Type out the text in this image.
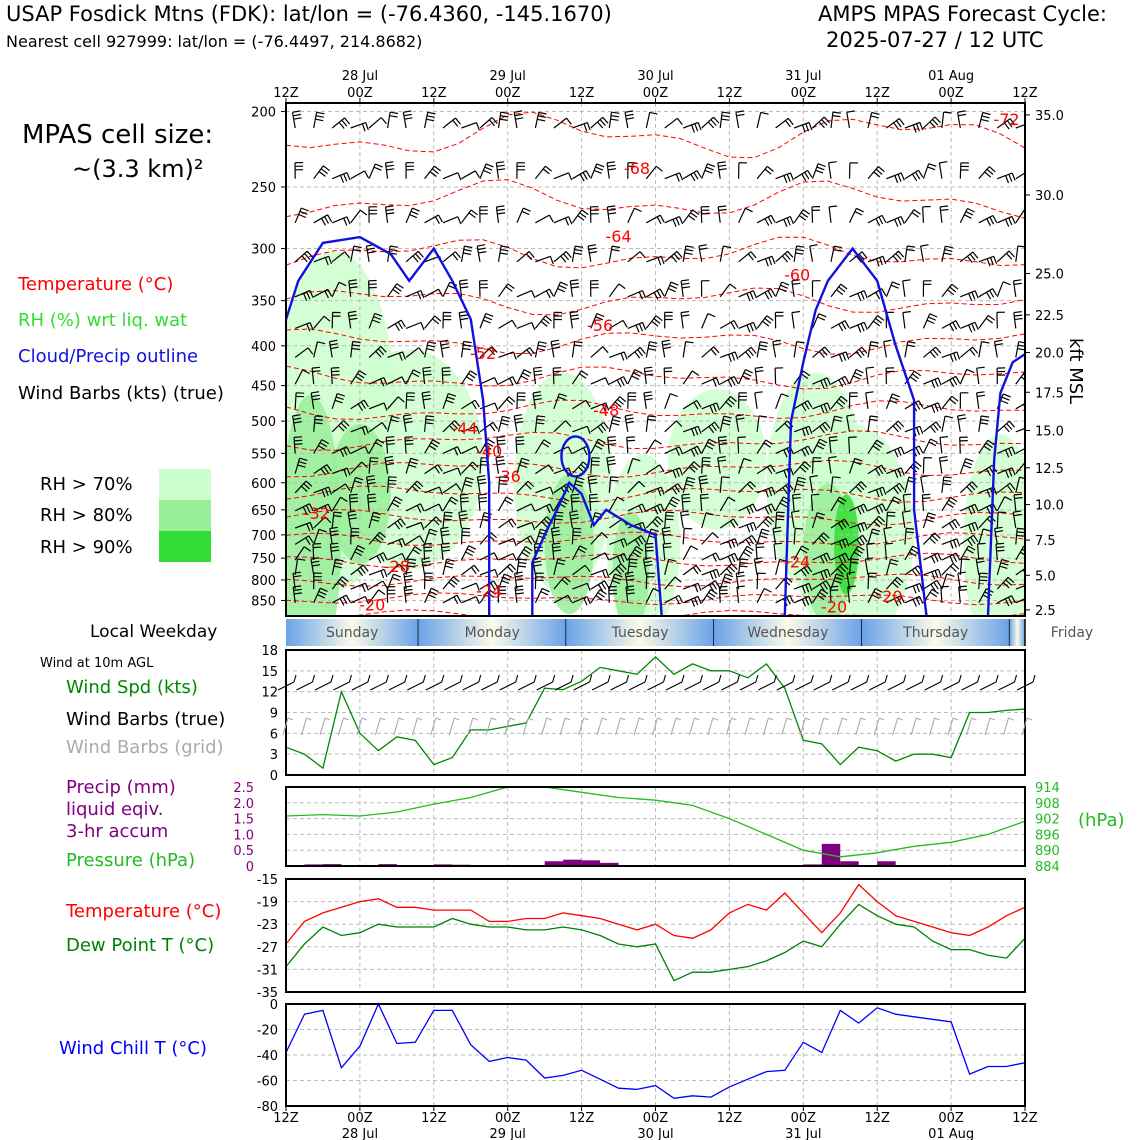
USAP Fosdick Mtns (FDK): lat/lon = (-76.4360, -145.1670)
Nearest cell 927999: lat/lon = (-76.4497, 214.8682)
AMPS MPAS Forecast Cycle:
2025-07-27 / 12 UTC
MPAS cell size:
~(3.3 km)²
Temperature (°C)
RH (%) wrt liq. wat
Cloud/Precip outline
Wind Barbs (kts) (true)
RH > 70%
RH > 80%
RH > 90%
Local Weekday
Wind at 10m AGL
Wind Spd (kts)
Wind Barbs (true)
Wind Barbs (grid)
Precip (mm)
liquid eqiv.
3-hr accum
Pressure (hPa)
(hPa)
Temperature (°C)
Dew Point T (°C)
Wind Chill T (°C)
kft MSL
-68
-64
-60
-56
-52
-48
-44
-40
-36
-32
-28
-24
-24
-20	-20
-20
-72
12Z	00Z
28 Jul
12Z	00Z
29 Jul
12Z	00Z
30 Jul
12Z	00Z
31 Jul
12Z	00Z
01 Aug
12Z
200
250
300
350
400
450
500
550
600
650
700
750
800
850
35.0
30.0
25.0
22.5
20.0
17.5
15.0
12.5
10.0
7.5
5.0
2.5
Sunday	Monday	Tuesday	Wednesday	Thursday	Friday
0
3
6
9
12
15
18
0
0.5
1.0
1.5
2.0
2.5
884
890
896
902
908
914
-15
-19
-23
-27
-31
-35
0
-20
-40
-60
-80
12Z	00Z
28 Jul
12Z	00Z
29 Jul
12Z	00Z
30 Jul
12Z	00Z
31 Jul
12Z	00Z
01 Aug
12Z
